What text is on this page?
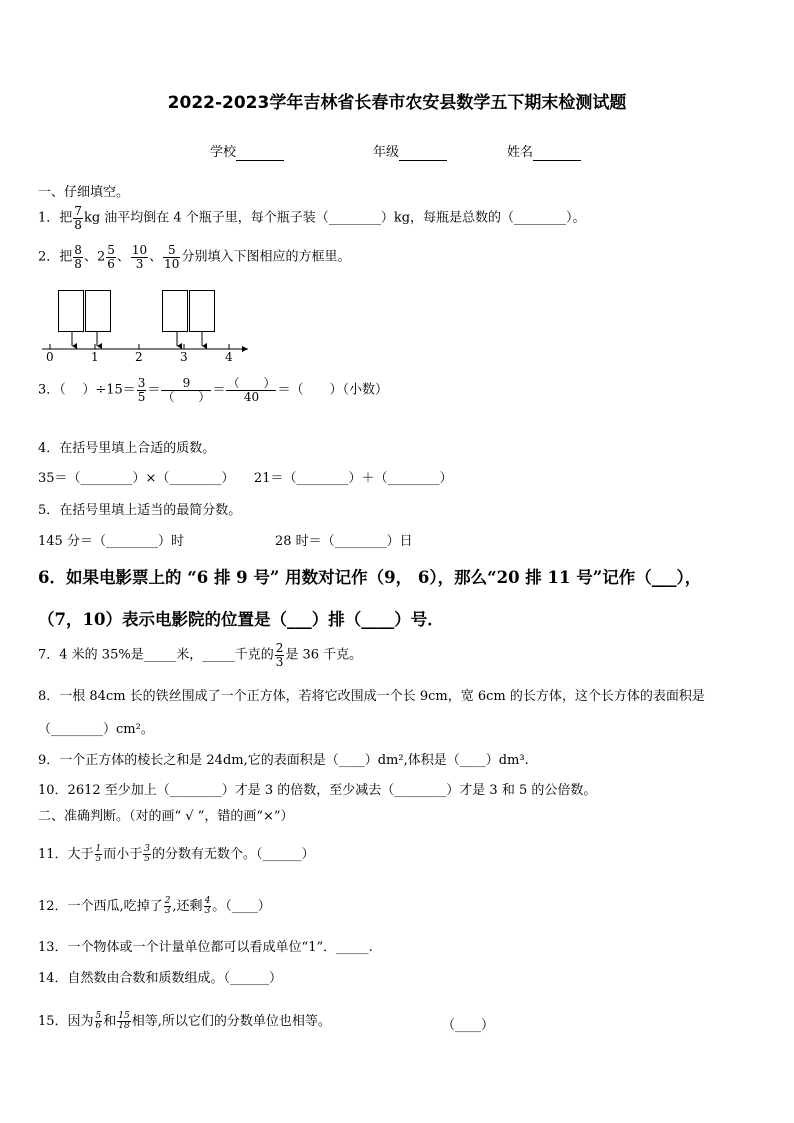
2022-2023学年吉林省长春市农安县数学五下期末检测试题
学校	年级	姓名
一、仔细填空。
1．把 $\frac{7}{8}$ kg 油平均倒在 4 个瓶子里，每个瓶子装（________）kg，每瓶是总数的（________）。
2．把 $\frac{8}{8}$ 、$2 \frac{5}{6}$ 、 $\frac{10}{3}$ 、 $\frac{5}{10}$ 分别填入下图相应的方框里。
0	1	2	3	4
3．（ ）$\div 15= \frac{3}{5} = \frac{9}{( )} = \frac{( )}{40}$ ＝（　　）（小数）
4．在括号里填上合适的质数。
35＝（________）×（________）　　21＝（________）＋（________）
5．在括号里填上适当的最简分数。
145 分＝（________）时　　　　　　　28 时＝（________）日
6．如果电影票上的 “6 排 9 号” 用数对记作（9， 6），那么“20 排 11 号”记作（___），
（7，10）表示电影院的位置是（___）排（____）号．
7．4 米的 35%是_____米，_____千克的 $\frac{2}{3}$ 是 36 千克。
8．一根 84cm 长的铁丝围成了一个正方体，若将它改围成一个长 9cm，宽 6cm 的长方体，这个长方体的表面积是
（________）cm²。
9．一个正方体的棱长之和是 24dm,它的表面积是（____）dm²,体积是（____）dm³.
10．2612 至少加上（________）才是 3 的倍数，至少减去（________）才是 3 和 5 的公倍数。
二、准确判断。（对的画“ √ ”，错的画“×”）
11．大于 $\frac{1}{5}$ 而小于 $\frac{3}{5}$ 的分数有无数个。（______）
12．一个西瓜,吃掉了 $\frac{2}{3}$ ,还剩 $\frac{4}{3}$ 。（____）
13．一个物体或一个计量单位都可以看成单位“1”．_____.
14．自然数由合数和质数组成。（______）
15．因为 $\frac{5}{6}$ 和 $\frac{15}{18}$ 相等,所以它们的分数单位也相等。	（____）
